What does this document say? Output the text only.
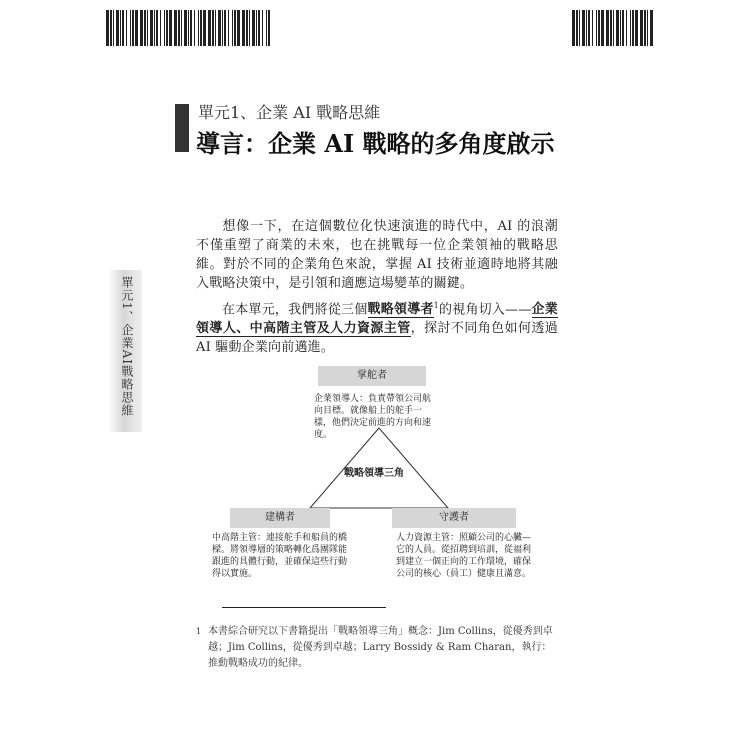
單元1、企業AI戰略思維
單元1、企業 AI 戰略思維
導言：企業 AI 戰略的多角度啟示
想像一下，在這個數位化快速演進的時代中，AI 的浪潮不僅重塑了商業的未來，也在挑戰每一位企業領袖的戰略思維。對於不同的企業角色來說，掌握 AI 技術並適時地將其融入戰略決策中，是引領和適應這場變革的關鍵。
在本單元，我們將從三個戰略領導者$^1$的視角切入——企業領導人、中高階主管及人力資源主管，探討不同角色如何透過 AI 驅動企業向前邁進。
掌舵者
企業領導人：負責帶領公司航向目標。就像船上的舵手一樣，他們決定前進的方向和速度。
戰略領導三角
建構者
中高階主管：連接舵手和船員的橋樑。將領導層的策略轉化爲團隊能跟進的具體行動，並確保這些行動得以實施。
守護者
人力資源主管：照顧公司的心臟—它的人員。從招聘到培訓，從福利到建立一個正向的工作環境，確保公司的核心（員工）健康且滿意。
1 本書綜合研究以下書籍提出「戰略領導三角」概念：Jim Collins，從優秀到卓越；Jim Collins，從優秀到卓越；Larry Bossidy & Ram Charan，執行：推動戰略成功的紀律。
